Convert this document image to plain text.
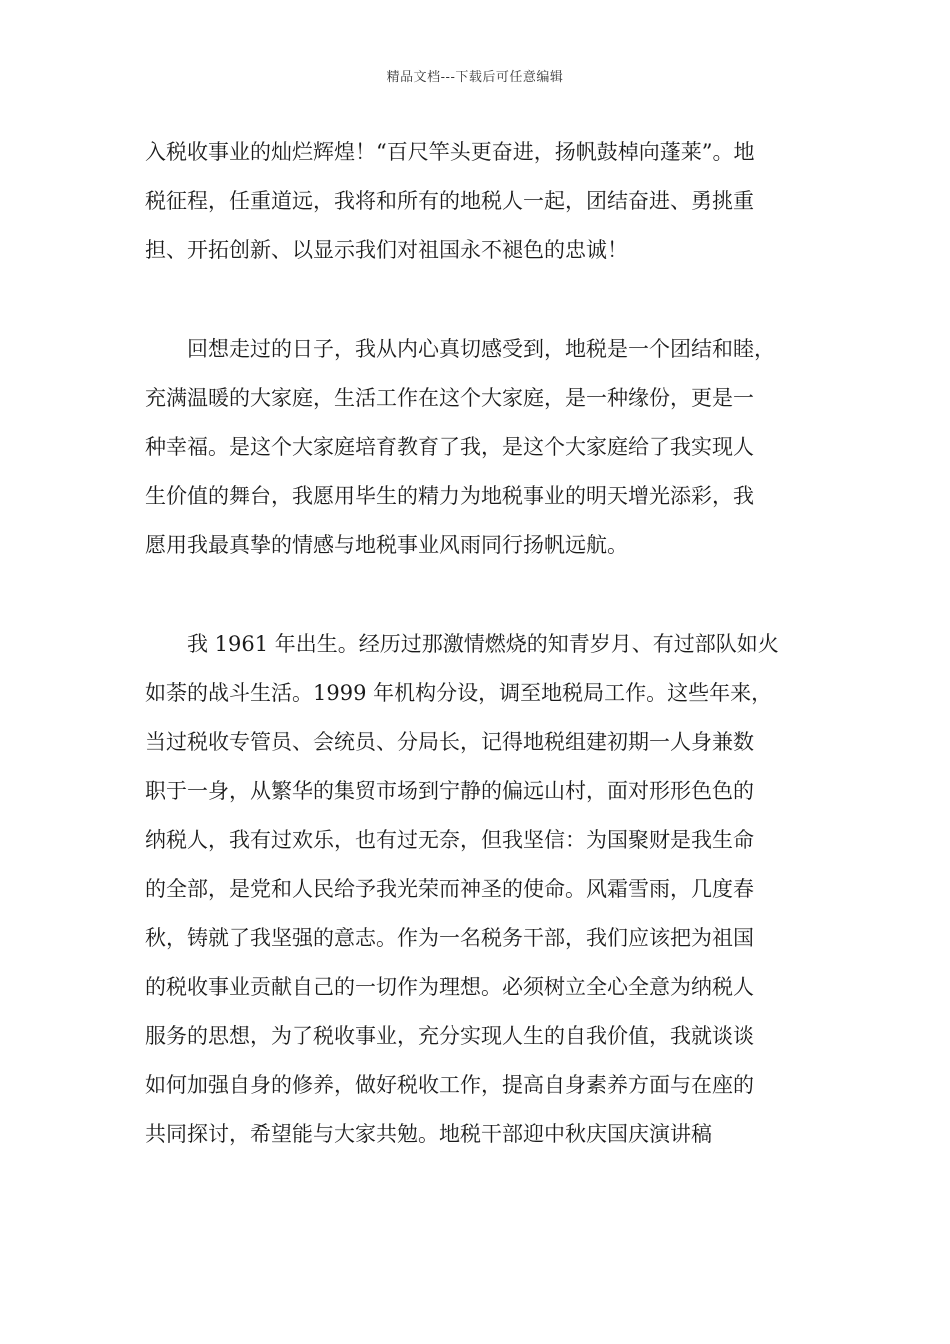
精品文档---下载后可任意编辑
入税收事业的灿烂辉煌！“百尺竿头更奋进，扬帆鼓棹向蓬莱”。地
税征程，任重道远，我将和所有的地税人一起，团结奋进、勇挑重
担、开拓创新、以显示我们对祖国永不褪色的忠诚！
　　回想走过的日子，我从内心真切感受到，地税是一个团结和睦，
充满温暖的大家庭，生活工作在这个大家庭，是一种缘份，更是一
种幸福。是这个大家庭培育教育了我，是这个大家庭给了我实现人
生价值的舞台，我愿用毕生的精力为地税事业的明天增光添彩，我
愿用我最真挚的情感与地税事业风雨同行扬帆远航。
　　我 1961 年出生。经历过那激情燃烧的知青岁月、有过部队如火
如荼的战斗生活。1999 年机构分设，调至地税局工作。这些年来，
当过税收专管员、会统员、分局长，记得地税组建初期一人身兼数
职于一身，从繁华的集贸市场到宁静的偏远山村，面对形形色色的
纳税人，我有过欢乐，也有过无奈，但我坚信：为国聚财是我生命
的全部，是党和人民给予我光荣而神圣的使命。风霜雪雨，几度春
秋，铸就了我坚强的意志。作为一名税务干部，我们应该把为祖国
的税收事业贡献自己的一切作为理想。必须树立全心全意为纳税人
服务的思想，为了税收事业，充分实现人生的自我价值，我就谈谈
如何加强自身的修养，做好税收工作，提高自身素养方面与在座的
共同探讨，希望能与大家共勉。地税干部迎中秋庆国庆演讲稿
